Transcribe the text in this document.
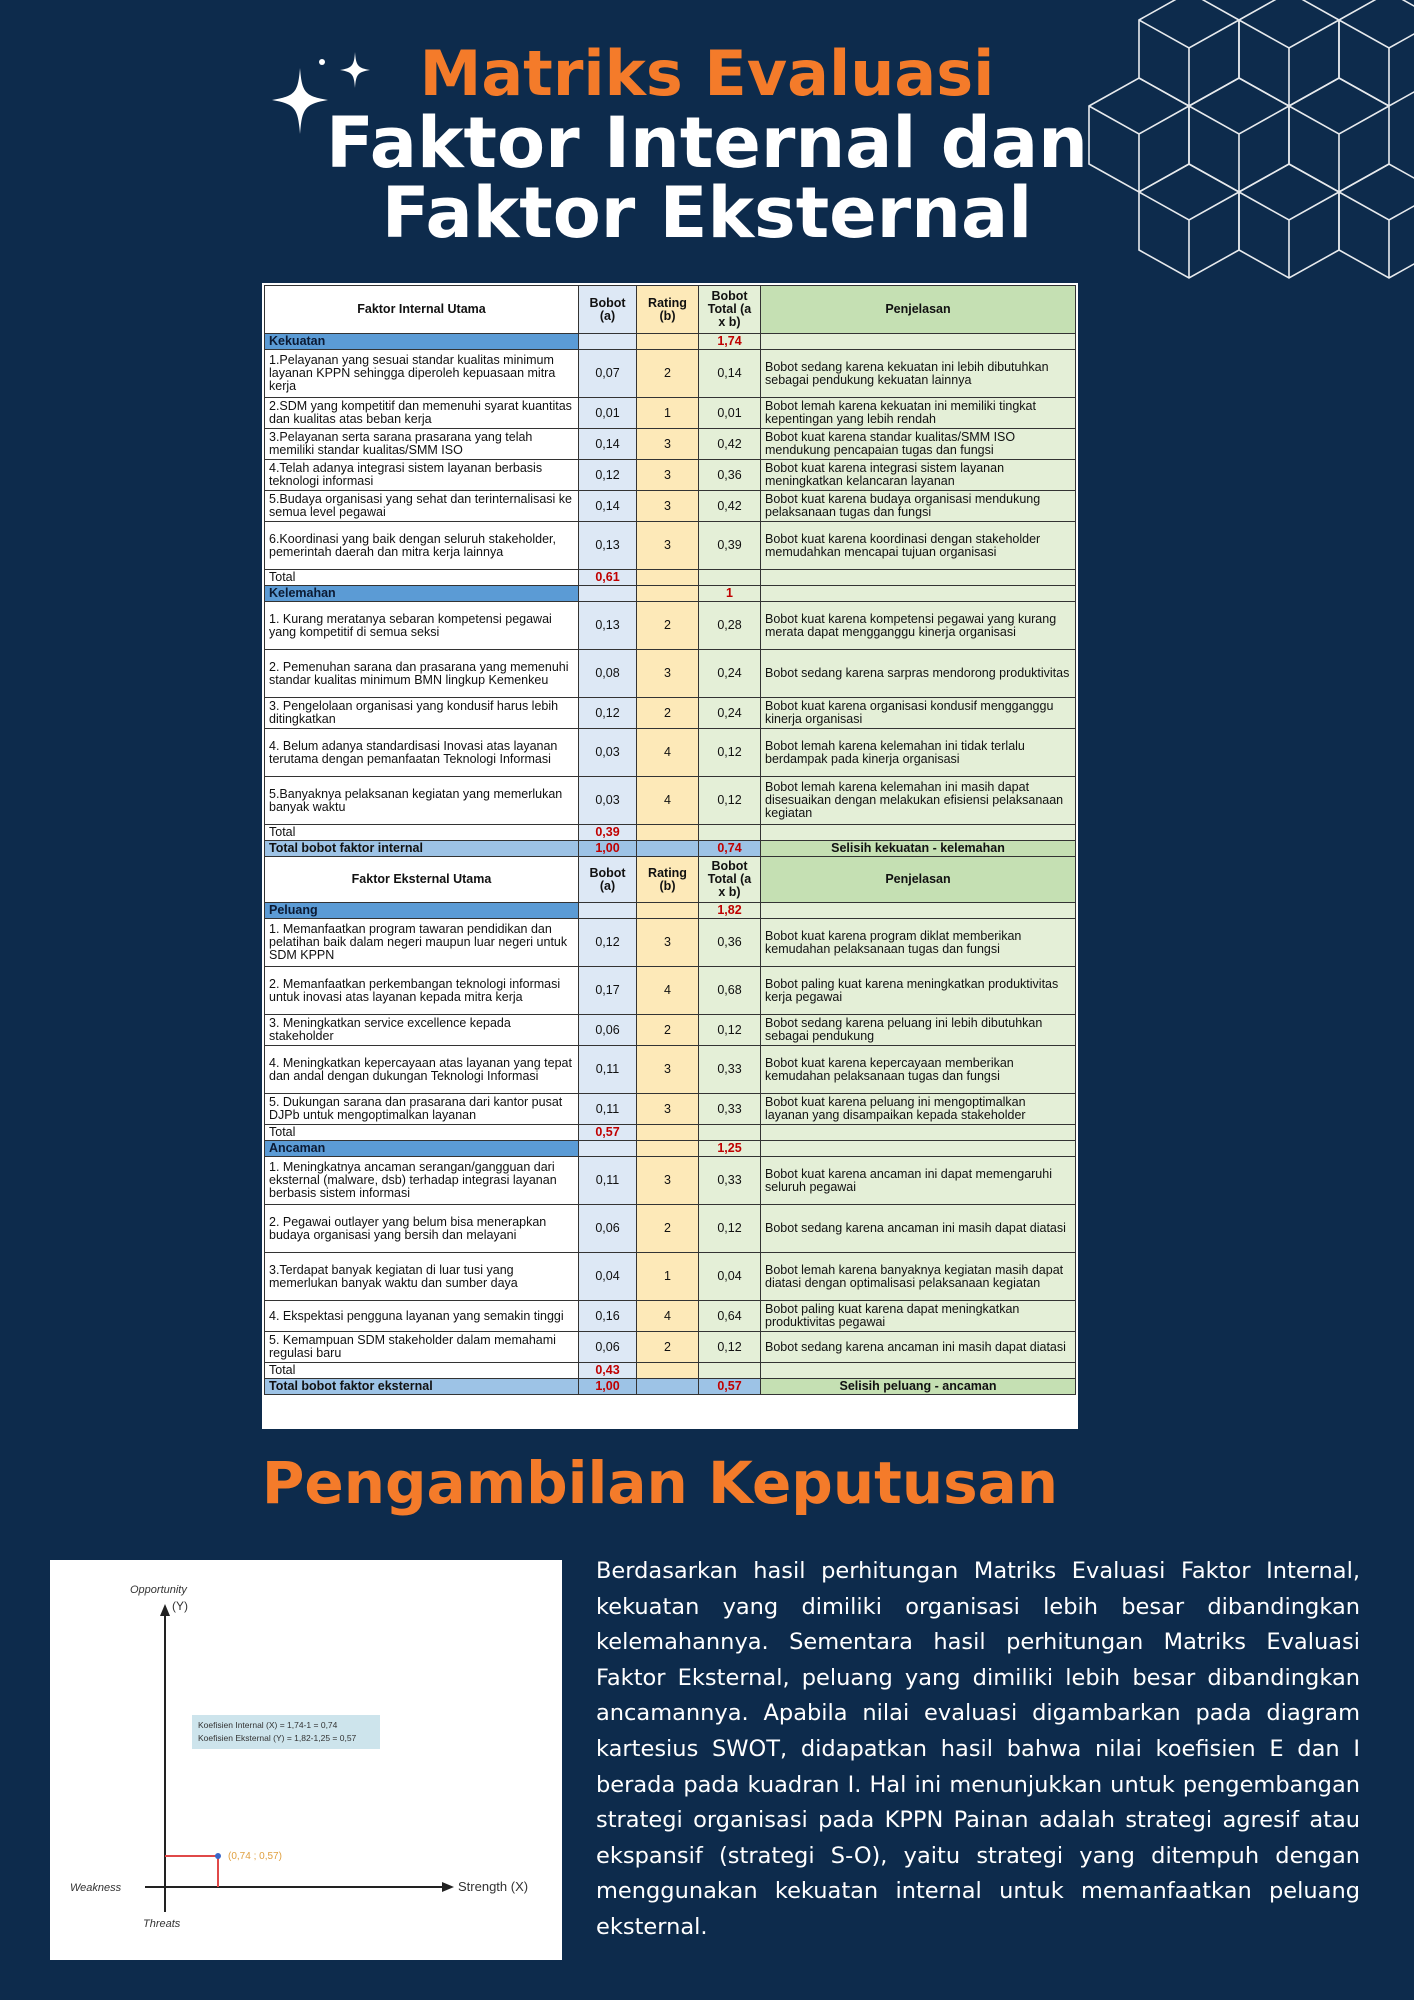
Matriks Evaluasi
Faktor Internal dan
Faktor Eksternal
Faktor Internal Utama	Bobot (a)	Rating (b)	Bobot Total (a x b)	Penjelasan
Kekuatan			1,74	
1.Pelayanan yang sesuai standar kualitas minimum layanan KPPN sehingga diperoleh kepuasaan mitra kerja	0,07	2	0,14	Bobot sedang karena kekuatan ini lebih dibutuhkan sebagai pendukung kekuatan lainnya
2.SDM yang kompetitif dan memenuhi syarat kuantitas dan kualitas atas beban kerja	0,01	1	0,01	Bobot lemah karena kekuatan ini memiliki tingkat kepentingan yang lebih rendah
3.Pelayanan serta sarana prasarana yang telah memiliki standar kualitas/SMM ISO	0,14	3	0,42	Bobot kuat karena standar kualitas/SMM ISO mendukung pencapaian tugas dan fungsi
4.Telah adanya integrasi sistem layanan berbasis teknologi informasi	0,12	3	0,36	Bobot kuat karena integrasi sistem layanan meningkatkan kelancaran layanan
5.Budaya organisasi yang sehat dan terinternalisasi ke semua level pegawai	0,14	3	0,42	Bobot kuat karena budaya organisasi mendukung pelaksanaan tugas dan fungsi
6.Koordinasi yang baik dengan seluruh stakeholder, pemerintah daerah dan mitra kerja lainnya	0,13	3	0,39	Bobot kuat karena koordinasi dengan stakeholder memudahkan mencapai tujuan organisasi
Total	0,61			
Kelemahan			1	
1. Kurang meratanya sebaran kompetensi pegawai yang kompetitif di semua seksi	0,13	2	0,28	Bobot kuat karena kompetensi pegawai yang kurang merata dapat mengganggu kinerja organisasi
2. Pemenuhan sarana dan prasarana yang memenuhi standar kualitas minimum BMN lingkup Kemenkeu	0,08	3	0,24	Bobot sedang karena sarpras mendorong produktivitas
3. Pengelolaan organisasi yang kondusif harus lebih ditingkatkan	0,12	2	0,24	Bobot kuat karena organisasi kondusif mengganggu kinerja organisasi
4. Belum adanya standardisasi Inovasi atas layanan terutama dengan pemanfaatan Teknologi Informasi	0,03	4	0,12	Bobot lemah karena kelemahan ini tidak terlalu berdampak pada kinerja organisasi
5.Banyaknya pelaksanan kegiatan yang memerlukan banyak waktu	0,03	4	0,12	Bobot lemah karena kelemahan ini masih dapat disesuaikan dengan melakukan efisiensi pelaksanaan kegiatan
Total	0,39			
Total bobot faktor internal	1,00		0,74	Selisih kekuatan - kelemahan
Faktor Eksternal Utama	Bobot (a)	Rating (b)	Bobot Total (a x b)	Penjelasan
Peluang			1,82	
1. Memanfaatkan program tawaran pendidikan dan pelatihan baik dalam negeri maupun luar negeri untuk SDM KPPN	0,12	3	0,36	Bobot kuat karena program diklat memberikan kemudahan pelaksanaan tugas dan fungsi
2. Memanfaatkan perkembangan teknologi informasi untuk inovasi atas layanan kepada mitra kerja	0,17	4	0,68	Bobot paling kuat karena meningkatkan produktivitas kerja pegawai
3. Meningkatkan service excellence kepada stakeholder	0,06	2	0,12	Bobot sedang karena peluang ini lebih dibutuhkan sebagai pendukung
4. Meningkatkan kepercayaan atas layanan yang tepat dan andal dengan dukungan Teknologi Informasi	0,11	3	0,33	Bobot kuat karena kepercayaan memberikan kemudahan pelaksanaan tugas dan fungsi
5. Dukungan sarana dan prasarana dari kantor pusat DJPb untuk mengoptimalkan layanan	0,11	3	0,33	Bobot kuat karena peluang ini mengoptimalkan layanan yang disampaikan kepada stakeholder
Total	0,57			
Ancaman			1,25	
1. Meningkatnya ancaman serangan/gangguan dari eksternal (malware, dsb) terhadap integrasi layanan berbasis sistem informasi	0,11	3	0,33	Bobot kuat karena ancaman ini dapat memengaruhi seluruh pegawai
2. Pegawai outlayer yang belum bisa menerapkan budaya organisasi yang bersih dan melayani	0,06	2	0,12	Bobot sedang karena ancaman ini masih dapat diatasi
3.Terdapat banyak kegiatan di luar tusi yang memerlukan banyak waktu dan sumber daya	0,04	1	0,04	Bobot lemah karena banyaknya kegiatan masih dapat diatasi dengan optimalisasi pelaksanaan kegiatan
4. Ekspektasi pengguna layanan yang semakin tinggi	0,16	4	0,64	Bobot paling kuat karena dapat meningkatkan produktivitas pegawai
5. Kemampuan SDM stakeholder dalam memahami regulasi baru	0,06	2	0,12	Bobot sedang karena ancaman ini masih dapat diatasi
Total	0,43			
Total bobot faktor eksternal	1,00		0,57	Selisih peluang - ancaman
Pengambilan Keputusan
Opportunity
(Y)
Weakness	Strength (X)
Threats
Koefisien Internal (X) = 1,74-1 = 0,74
Koefisien Eksternal (Y) = 1,82-1,25 = 0,57
(0,74 ; 0,57)
Berdasarkan hasil perhitungan Matriks Evaluasi Faktor Internal, kekuatan yang dimiliki organisasi lebih besar dibandingkan kelemahannya. Sementara hasil perhitungan Matriks Evaluasi Faktor Eksternal, peluang yang dimiliki lebih besar dibandingkan ancamannya. Apabila nilai evaluasi digambarkan pada diagram kartesius SWOT, didapatkan hasil bahwa nilai koefisien E dan I berada pada kuadran I. Hal ini menunjukkan untuk pengembangan strategi organisasi pada KPPN Painan adalah strategi agresif atau ekspansif (strategi S-O), yaitu strategi yang ditempuh dengan menggunakan kekuatan internal untuk memanfaatkan peluang eksternal.
